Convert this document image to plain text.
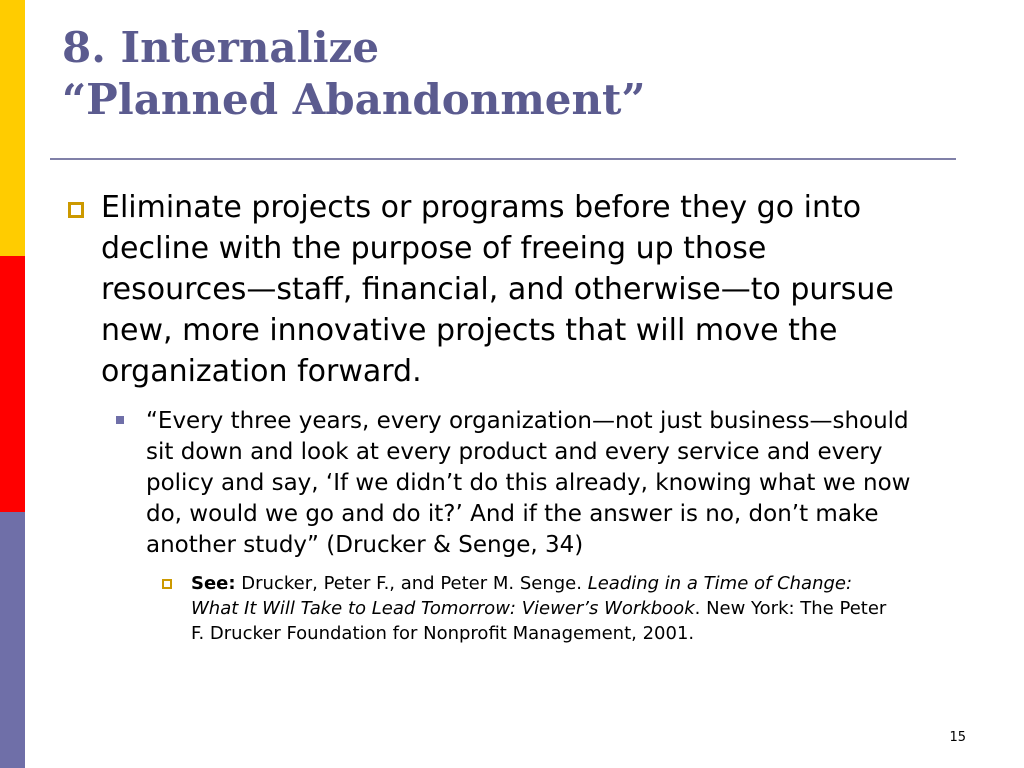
8. Internalize
“Planned Abandonment”
Eliminate projects or programs before they go into decline with the purpose of freeing up those resources—staff, financial, and otherwise—to pursue new, more innovative projects that will move the organization forward.
“Every three years, every organization—not just business—should sit down and look at every product and every service and every policy and say, ‘If we didn’t do this already, knowing what we now do, would we go and do it?’ And if the answer is no, don’t make another study” (Drucker & Senge, 34)
See: Drucker, Peter F., and Peter M. Senge. Leading in a Time of Change: What It Will Take to Lead Tomorrow: Viewer’s Workbook. New York: The Peter F. Drucker Foundation for Nonprofit Management, 2001.
15
